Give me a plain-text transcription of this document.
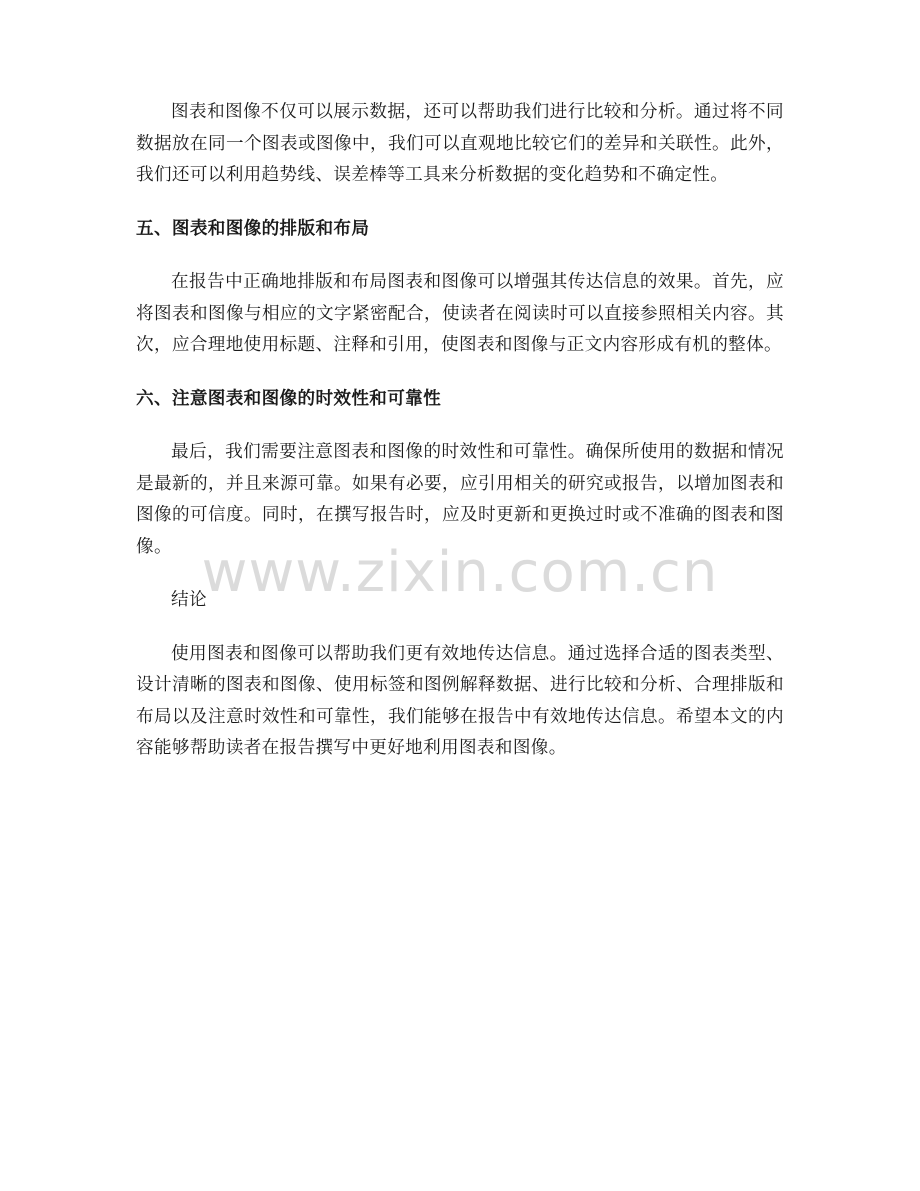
图表和图像不仅可以展示数据，还可以帮助我们进行比较和分析。通过将不同数据放在同一个图表或图像中，我们可以直观地比较它们的差异和关联性。此外，我们还可以利用趋势线、误差棒等工具来分析数据的变化趋势和不确定性。

五、图表和图像的排版和布局

在报告中正确地排版和布局图表和图像可以增强其传达信息的效果。首先，应将图表和图像与相应的文字紧密配合，使读者在阅读时可以直接参照相关内容。其次，应合理地使用标题、注释和引用，使图表和图像与正文内容形成有机的整体。

六、注意图表和图像的时效性和可靠性

最后，我们需要注意图表和图像的时效性和可靠性。确保所使用的数据和情况是最新的，并且来源可靠。如果有必要，应引用相关的研究或报告，以增加图表和图像的可信度。同时，在撰写报告时，应及时更新和更换过时或不准确的图表和图像。

结论

使用图表和图像可以帮助我们更有效地传达信息。通过选择合适的图表类型、设计清晰的图表和图像、使用标签和图例解释数据、进行比较和分析、合理排版和布局以及注意时效性和可靠性，我们能够在报告中有效地传达信息。希望本文的内容能够帮助读者在报告撰写中更好地利用图表和图像。

www.zixin.com.cn
